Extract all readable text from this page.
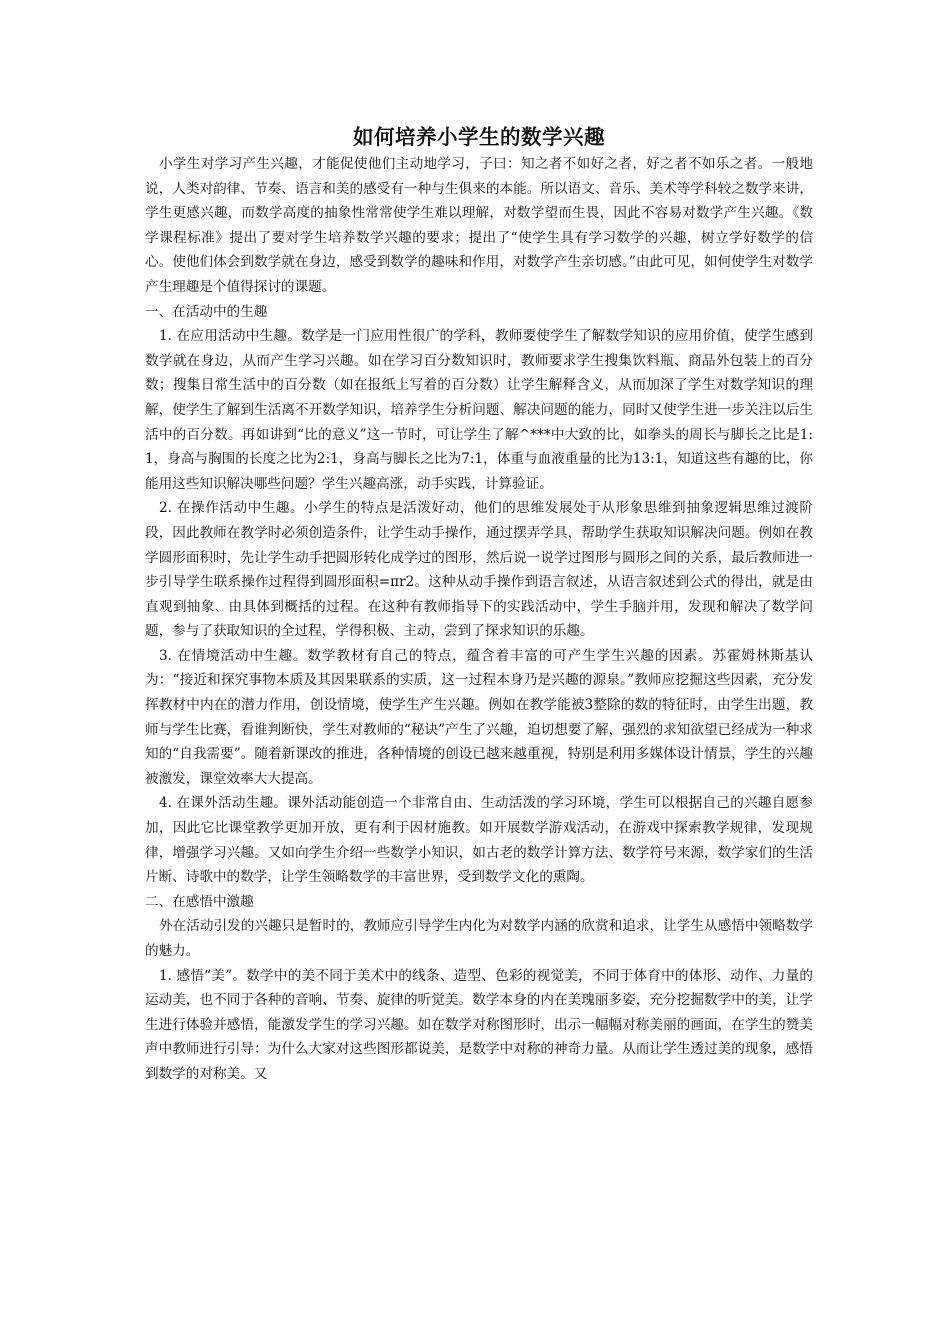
如何培养小学生的数学兴趣

小学生对学习产生兴趣，才能促使他们主动地学习，子曰：知之者不如好之者，好之者不如乐之者。一般地说，人类对韵律、节奏、语言和美的感受有一种与生俱来的本能。所以语文、音乐、美术等学科较之数学来讲，学生更感兴趣，而数学高度的抽象性常常使学生难以理解，对数学望而生畏，因此不容易对数学产生兴趣。《数学课程标准》提出了要对学生培养数学兴趣的要求；提出了“使学生具有学习数学的兴趣，树立学好数学的信心。使他们体会到数学就在身边，感受到数学的趣味和作用，对数学产生亲切感。”由此可见，如何使学生对数学产生理趣是个值得探讨的课题。

一、在活动中的生趣

1. 在应用活动中生趣。数学是一门应用性很广的学科，教师要使学生了解数学知识的应用价值，使学生感到数学就在身边，从而产生学习兴趣。如在学习百分数知识时，教师要求学生搜集饮料瓶、商品外包装上的百分数；搜集日常生活中的百分数（如在报纸上写着的百分数）让学生解释含义，从而加深了学生对数学知识的理解，使学生了解到生活离不开数学知识，培养学生分析问题、解决问题的能力，同时又使学生进一步关注以后生活中的百分数。再如讲到“比的意义”这一节时，可让学生了解^***中大致的比，如拳头的周长与脚长之比是1:1，身高与胸围的长度之比为2:1，身高与脚长之比为7:1，体重与血液重量的比为13:1，知道这些有趣的比，你能用这些知识解决哪些问题？学生兴趣高涨，动手实践，计算验证。

2. 在操作活动中生趣。小学生的特点是活泼好动，他们的思维发展处于从形象思维到抽象逻辑思维过渡阶段，因此教师在教学时必须创造条件，让学生动手操作，通过摆弄学具，帮助学生获取知识解决问题。例如在教学圆形面积时，先让学生动手把圆形转化成学过的图形，然后说一说学过图形与圆形之间的关系，最后教师进一步引导学生联系操作过程得到圆形面积=πr2。这种从动手操作到语言叙述，从语言叙述到公式的得出，就是由直观到抽象、由具体到概括的过程。在这种有教师指导下的实践活动中，学生手脑并用，发现和解决了数学问题，参与了获取知识的全过程，学得积极、主动，尝到了探求知识的乐趣。

3. 在情境活动中生趣。数学教材有自己的特点，蕴含着丰富的可产生学生兴趣的因素。苏霍姆林斯基认为：“接近和探究事物本质及其因果联系的实质，这一过程本身乃是兴趣的源泉。”教师应挖掘这些因素，充分发挥教材中内在的潜力作用，创设情境，使学生产生兴趣。例如在教学能被3整除的数的特征时，由学生出题，教师与学生比赛，看谁判断快，学生对教师的“秘诀”产生了兴趣，迫切想要了解，强烈的求知欲望已经成为一种求知的“自我需要”。随着新课改的推进，各种情境的创设已越来越重视，特别是利用多媒体设计情景，学生的兴趣被激发，课堂效率大大提高。

4. 在课外活动生趣。课外活动能创造一个非常自由、生动活泼的学习环境，学生可以根据自己的兴趣自愿参加，因此它比课堂教学更加开放，更有利于因材施教。如开展数学游戏活动，在游戏中探索教学规律，发现规律，增强学习兴趣。又如向学生介绍一些数学小知识，如古老的数学计算方法、数学符号来源，数学家们的生活片断、诗歌中的数学，让学生领略数学的丰富世界，受到数学文化的熏陶。

二、在感悟中激趣

外在活动引发的兴趣只是暂时的，教师应引导学生内化为对数学内涵的欣赏和追求，让学生从感悟中领略数学的魅力。

1. 感悟“美”。数学中的美不同于美术中的线条、造型、色彩的视觉美，不同于体育中的体形、动作、力量的运动美，也不同于各种的音响、节奏、旋律的听觉美。数学本身的内在美瑰丽多姿，充分挖掘数学中的美，让学生进行体验并感悟，能激发学生的学习兴趣。如在数学对称图形时，出示一幅幅对称美丽的画面，在学生的赞美声中教师进行引导：为什么大家对这些图形都说美，是数学中对称的神奇力量。从而让学生透过美的现象，感悟到数学的对称美。又
